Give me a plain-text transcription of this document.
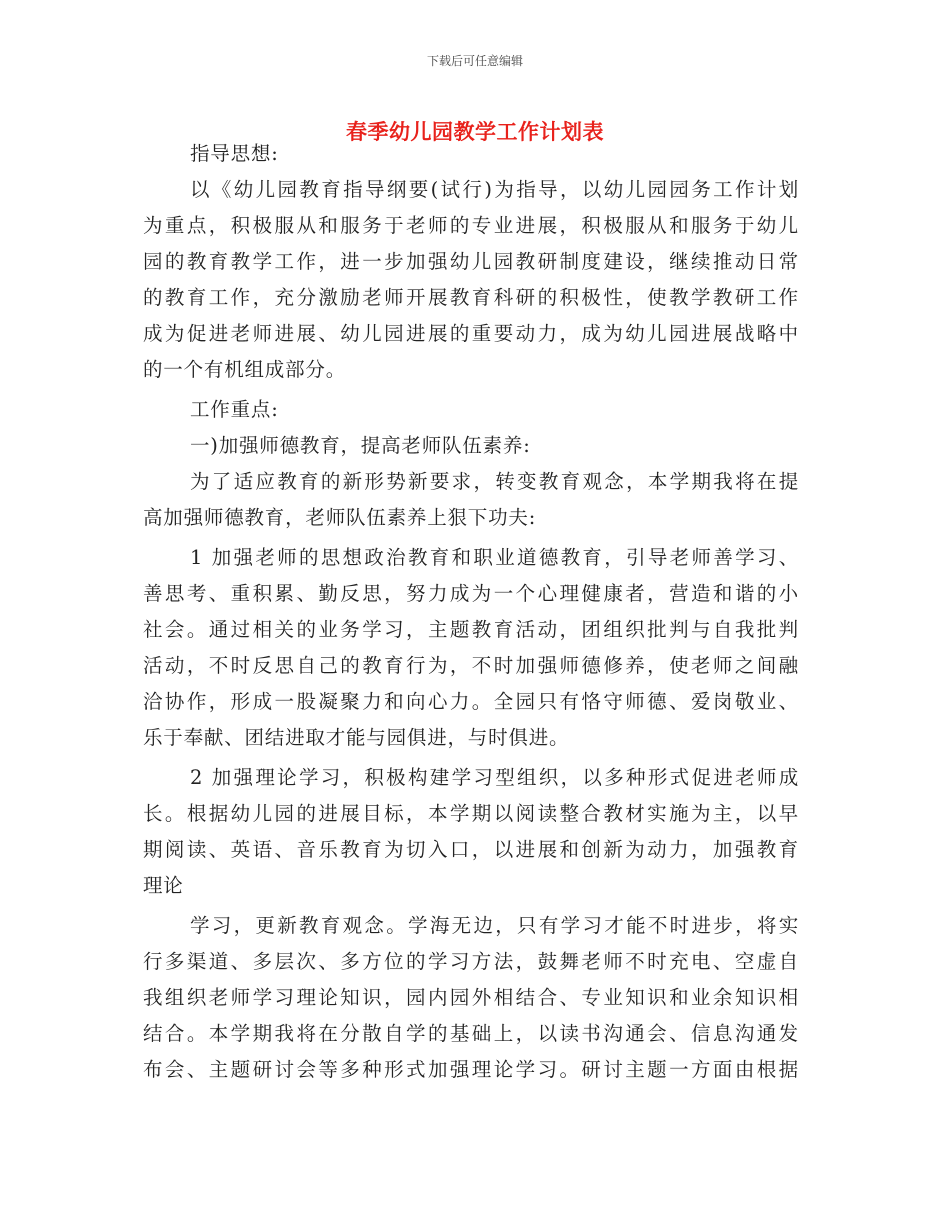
下载后可任意编辑
春季幼儿园教学工作计划表
指导思想:
以《幼儿园教育指导纲要(试行)为指导，以幼儿园园务工作计划
为重点，积极服从和服务于老师的专业进展，积极服从和服务于幼儿
园的教育教学工作，进一步加强幼儿园教研制度建设，继续推动日常
的教育工作，充分激励老师开展教育科研的积极性，使教学教研工作
成为促进老师进展、幼儿园进展的重要动力，成为幼儿园进展战略中
的一个有机组成部分。
工作重点:
一)加强师德教育，提高老师队伍素养:
为了适应教育的新形势新要求，转变教育观念，本学期我将在提
高加强师德教育，老师队伍素养上狠下功夫:
1 加强老师的思想政治教育和职业道德教育，引导老师善学习、
善思考、重积累、勤反思，努力成为一个心理健康者，营造和谐的小
社会。通过相关的业务学习，主题教育活动，团组织批判与自我批判
活动，不时反思自己的教育行为，不时加强师德修养，使老师之间融
洽协作，形成一股凝聚力和向心力。全园只有恪守师德、爱岗敬业、
乐于奉献、团结进取才能与园俱进，与时俱进。
2 加强理论学习，积极构建学习型组织，以多种形式促进老师成
长。根据幼儿园的进展目标，本学期以阅读整合教材实施为主，以早
期阅读、英语、音乐教育为切入口，以进展和创新为动力，加强教育
理论
学习，更新教育观念。学海无边，只有学习才能不时进步，将实
行多渠道、多层次、多方位的学习方法，鼓舞老师不时充电、空虚自
我组织老师学习理论知识，园内园外相结合、专业知识和业余知识相
结合。本学期我将在分散自学的基础上，以读书沟通会、信息沟通发
布会、主题研讨会等多种形式加强理论学习。研讨主题一方面由根据
